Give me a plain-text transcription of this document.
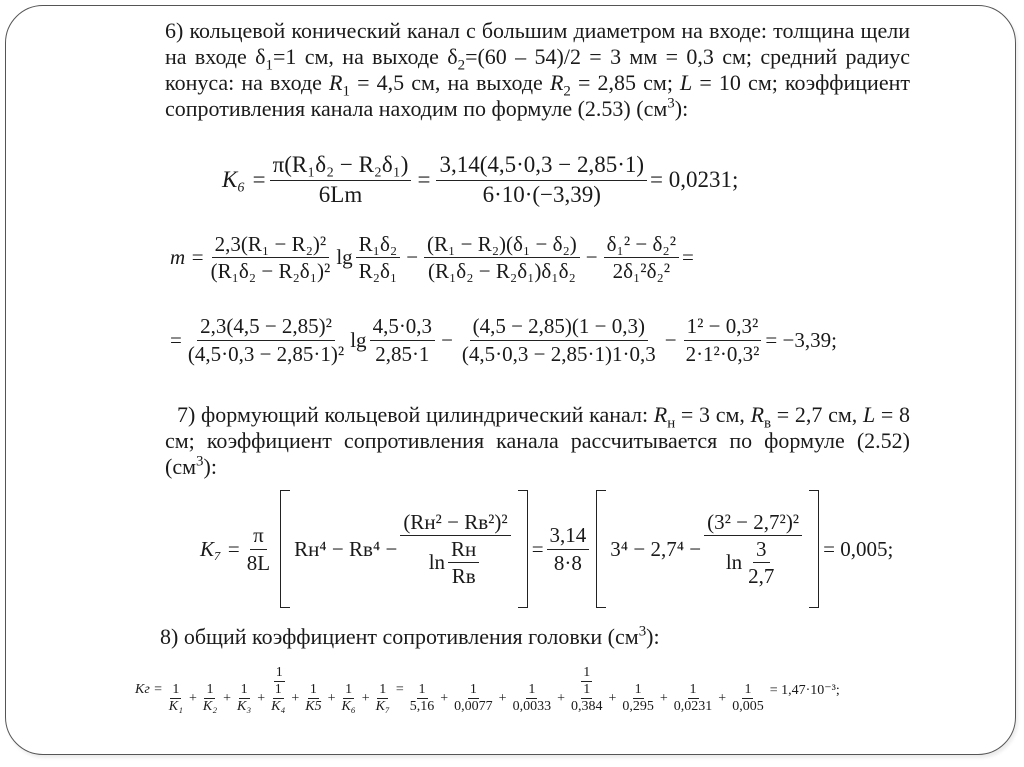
6) кольцевой конический канал с большим диаметром на входе: толщина щели на входе $\delta_1=1$ см, на выходе $\delta_2=(60 - 54)/2 = 3$ мм = 0,3 см; средний радиус конуса: на входе $R_1 = 4,5$ см, на выходе $R_2 = 2,85$ см; L = 10 см; коэффициент сопротивления канала находим по формуле (2.53) $(см^3)$:
$K_6 = \frac{\text{π(R₁δ₂ − R₂δ₁)}}{6Lm} = \frac{3,14(4,5\cdot 0,3 - 2,85\cdot 1)}{6\cdot 10\cdot(-3,39)} = 0,0231$;
$m = \frac{\text{2,3(R₁ − R₂)²}}{\text{(R₁δ₂ − R₂δ₁)²}}$ $\lg \frac{\text{R₁δ₂}}{\text{R₂δ₁}} - \frac{\text{(R₁ − R₂)(δ₁ − δ₂)}}{\text{(R₁δ₂ − R₂δ₁)δ₁δ₂}} - \frac{\text{δ₁² − δ₂²}}{\text{2δ₁²δ₂²}}$ =
= $\frac{\text{2,3(4,5 − 2,85)²}}{\text{(4,5·0,3 − 2,85·1)²}}$ $\lg \frac{4,5\cdot 0,3}{2,85\cdot 1} - \frac{(4,5 - 2,85)(1 - 0,3)}{(4,5\cdot 0,3 - 2,85\cdot 1)1\cdot 0,3} - \frac{\text{1² − 0,3²}}{\text{2·1²·0,3²}} = -3,39$;
7) формующий кольцевой цилиндрический канал: $R_н = 3$ см, $R_в = 2,7$ см, L = 8 см; коэффициент сопротивления канала рассчитывается по формуле (2.52) $(см^3)$:
$K_7 = \frac{\pi}{8L} Rн^4 - Rв^4 - \frac{\text{(Rн² − Rв²)²}}{\ln \frac{Rн}{Rв}} = \frac{3,14}{8\cdot 8} 3^4 - 2,7^4 - \frac{\text{(3² − 2,7²)²}}{\ln \frac{3}{2,7}} = 0,005$;
8) общий коэффициент сопротивления головки $(см^3)$:
Kг = $\frac{1}{\frac{1}{\text{K₁}} + \frac{1}{\text{K₂}} + \frac{1}{\text{K₃}} + \frac{1}{\text{K₄}} + \frac{1}{K5} + \frac{1}{\text{K₆}} + \frac{1}{\text{K₇}}} = \frac{1}{\frac{1}{5,16} + \frac{1}{0,0077} + \frac{1}{0,0033} + \frac{1}{0,384} + \frac{1}{0,295} + \frac{1}{0,0231} + \frac{1}{0,005}} = 1,47\cdot 10^{-3}$;
